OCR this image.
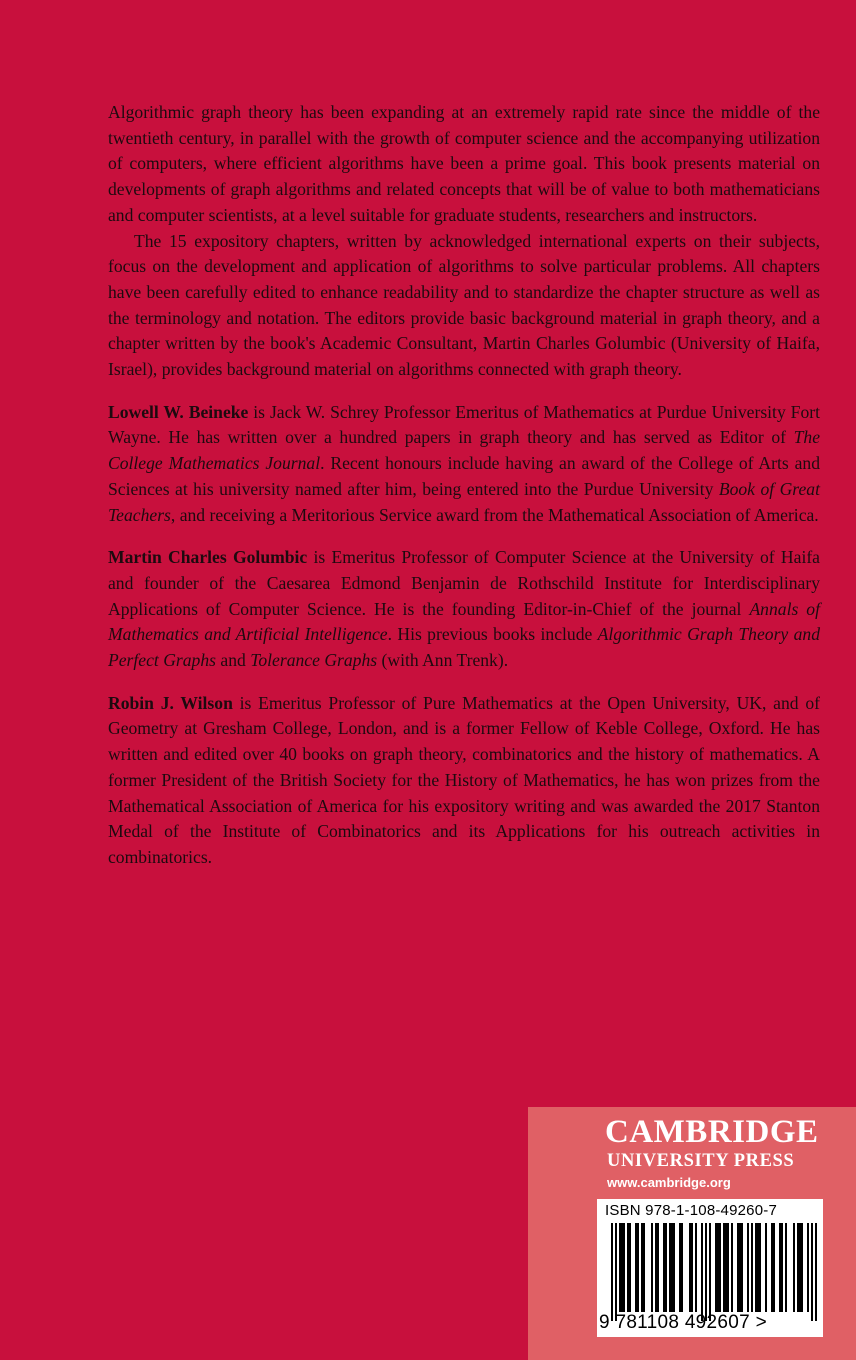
Algorithmic graph theory has been expanding at an extremely rapid rate since the middle of the twentieth century, in parallel with the growth of computer science and the accompanying utilization of computers, where efficient algorithms have been a prime goal. This book presents material on developments of graph algorithms and related concepts that will be of value to both mathematicians and computer scientists, at a level suitable for graduate students, researchers and instructors.

The 15 expository chapters, written by acknowledged international experts on their subjects, focus on the development and application of algorithms to solve particular problems. All chapters have been carefully edited to enhance readability and to standardize the chapter structure as well as the terminology and notation. The editors provide basic background material in graph theory, and a chapter written by the book's Academic Consultant, Martin Charles Golumbic (University of Haifa, Israel), provides background material on algorithms connected with graph theory.

Lowell W. Beineke is Jack W. Schrey Professor Emeritus of Mathematics at Purdue University Fort Wayne. He has written over a hundred papers in graph theory and has served as Editor of The College Mathematics Journal. Recent honours include having an award of the College of Arts and Sciences at his university named after him, being entered into the Purdue University Book of Great Teachers, and receiving a Meritorious Service award from the Mathematical Association of America.

Martin Charles Golumbic is Emeritus Professor of Computer Science at the University of Haifa and founder of the Caesarea Edmond Benjamin de Rothschild Institute for Interdisciplinary Applications of Computer Science. He is the founding Editor-in-Chief of the journal Annals of Mathematics and Artificial Intelligence. His previous books include Algorithmic Graph Theory and Perfect Graphs and Tolerance Graphs (with Ann Trenk).

Robin J. Wilson is Emeritus Professor of Pure Mathematics at the Open University, UK, and of Geometry at Gresham College, London, and is a former Fellow of Keble College, Oxford. He has written and edited over 40 books on graph theory, combinatorics and the history of mathematics. A former President of the British Society for the History of Mathematics, he has won prizes from the Mathematical Association of America for his expository writing and was awarded the 2017 Stanton Medal of the Institute of Combinatorics and its Applications for his outreach activities in combinatorics.

CAMBRIDGE
UNIVERSITY PRESS
www.cambridge.org
ISBN 978-1-108-49260-7
9 781108 492607 >
